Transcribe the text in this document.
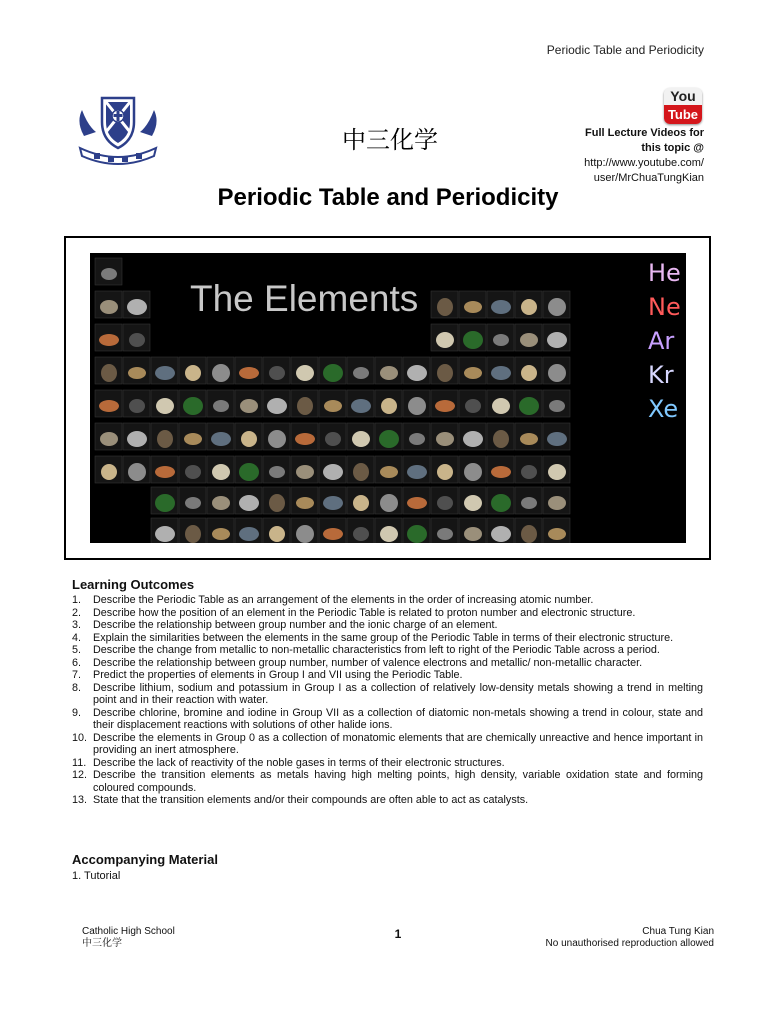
Periodic Table and Periodicity
中三化学
You
Tube
Full Lecture Videos for
this topic @
http://www.youtube.com/
user/MrChuaTungKian
Periodic Table and Periodicity
The Elements
He
Ne
Ar
Kr
Xe
Learning Outcomes
1. Describe the Periodic Table as an arrangement of the elements in the order of increasing atomic number.
2. Describe how the position of an element in the Periodic Table is related to proton number and electronic structure.
3. Describe the relationship between group number and the ionic charge of an element.
4. Explain the similarities between the elements in the same group of the Periodic Table in terms of their electronic structure.
5. Describe the change from metallic to non-metallic characteristics from left to right of the Periodic Table across a period.
6. Describe the relationship between group number, number of valence electrons and metallic/ non-metallic character.
7. Predict the properties of elements in Group I and VII using the Periodic Table.
8. Describe lithium, sodium and potassium in Group I as a collection of relatively low-density metals showing a trend in melting point and in their reaction with water.
9. Describe chlorine, bromine and iodine in Group VII as a collection of diatomic non-metals showing a trend in colour, state and their displacement reactions with solutions of other halide ions.
10. Describe the elements in Group 0 as a collection of monatomic elements that are chemically unreactive and hence important in providing an inert atmosphere.
11. Describe the lack of reactivity of the noble gases in terms of their electronic structures.
12. Describe the transition elements as metals having high melting points, high density, variable oxidation state and forming coloured compounds.
13. State that the transition elements and/or their compounds are often able to act as catalysts.
Accompanying Material
1. Tutorial
Catholic High School
中三化学
1	Chua Tung Kian
No unauthorised reproduction allowed
